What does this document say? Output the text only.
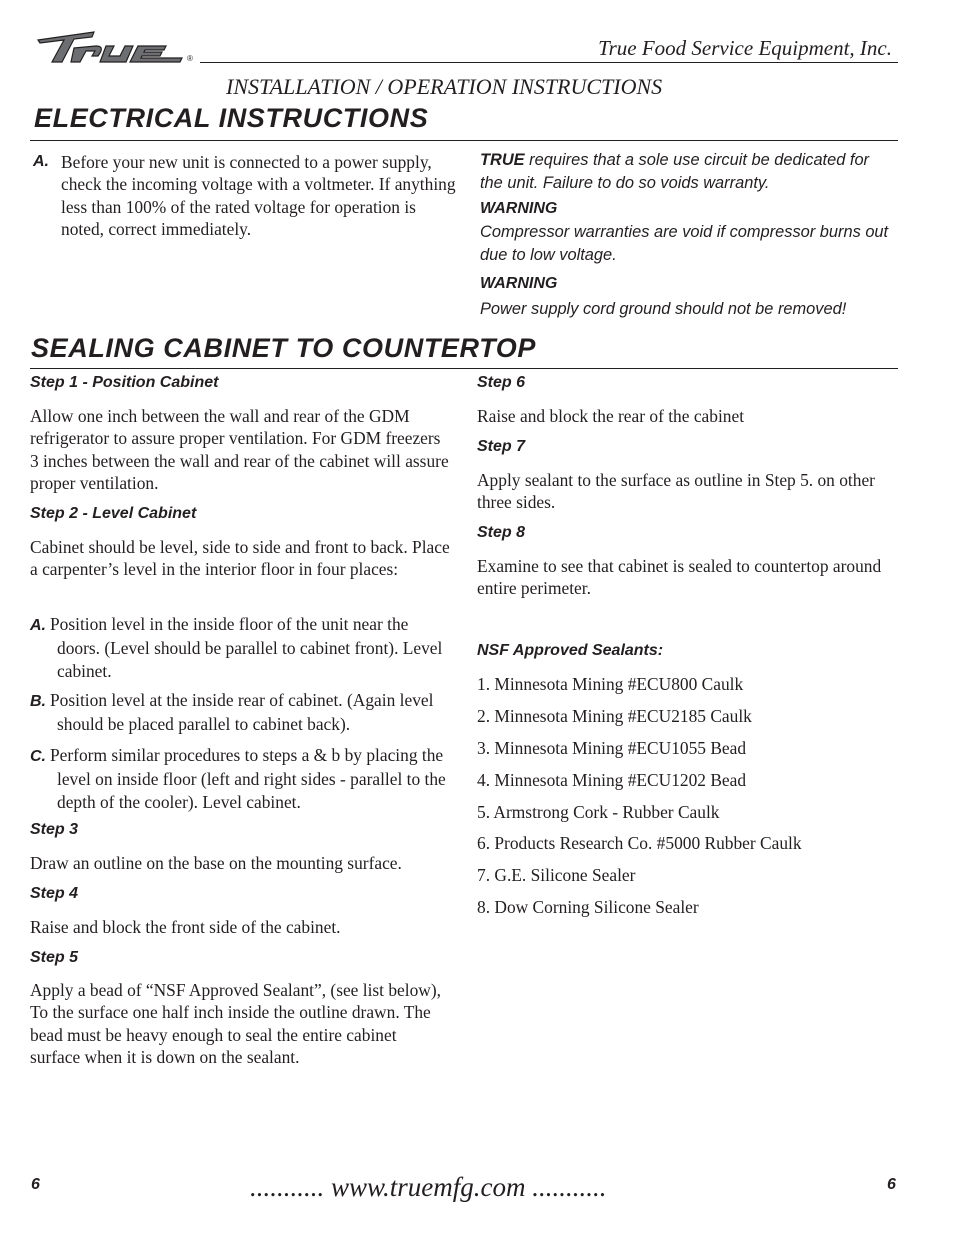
®	True Food Service Equipment, Inc.
INSTALLATION / OPERATION INSTRUCTIONS
ELECTRICAL INSTRUCTIONS
A. Before your new unit is connected to a power supply, check the incoming voltage with a voltmeter. If anything less than 100% of the rated voltage for operation is noted, correct immediately.
TRUE requires that a sole use circuit be dedicated for the unit. Failure to do so voids warranty.
WARNING
Compressor warranties are void if compressor burns out due to low voltage.
WARNING
Power supply cord ground should not be removed!
SEALING CABINET TO COUNTERTOP
Step 1 - Position Cabinet
Allow one inch between the wall and rear of the GDM refrigerator to assure proper ventilation. For GDM freezers 3 inches between the wall and rear of the cabinet will assure proper ventilation.
Step 2 - Level Cabinet
Cabinet should be level, side to side and front to back. Place a carpenter’s level in the interior floor in four places:
A. Position level in the inside floor of the unit near the doors. (Level should be parallel to cabinet front). Level cabinet.
B. Position level at the inside rear of cabinet. (Again level should be placed parallel to cabinet back).
C. Perform similar procedures to steps a & b by placing the level on inside floor (left and right sides - parallel to the depth of the cooler). Level cabinet.
Step 3
Draw an outline on the base on the mounting surface.
Step 4
Raise and block the front side of the cabinet.
Step 5
Apply a bead of “NSF Approved Sealant”, (see list below), To the surface one half inch inside the outline drawn. The bead must be heavy enough to seal the entire cabinet surface when it is down on the sealant.
Step 6
Raise and block the rear of the cabinet
Step 7
Apply sealant to the surface as outline in Step 5. on other three sides.
Step 8
Examine to see that cabinet is sealed to countertop around entire perimeter.
NSF Approved Sealants:
1. Minnesota Mining #ECU800 Caulk
2. Minnesota Mining #ECU2185 Caulk
3. Minnesota Mining #ECU1055 Bead
4. Minnesota Mining #ECU1202 Bead
5. Armstrong Cork - Rubber Caulk
6. Products Research Co. #5000 Rubber Caulk
7. G.E. Silicone Sealer
8. Dow Corning Silicone Sealer
6	........... www.truemfg.com ...........	6
